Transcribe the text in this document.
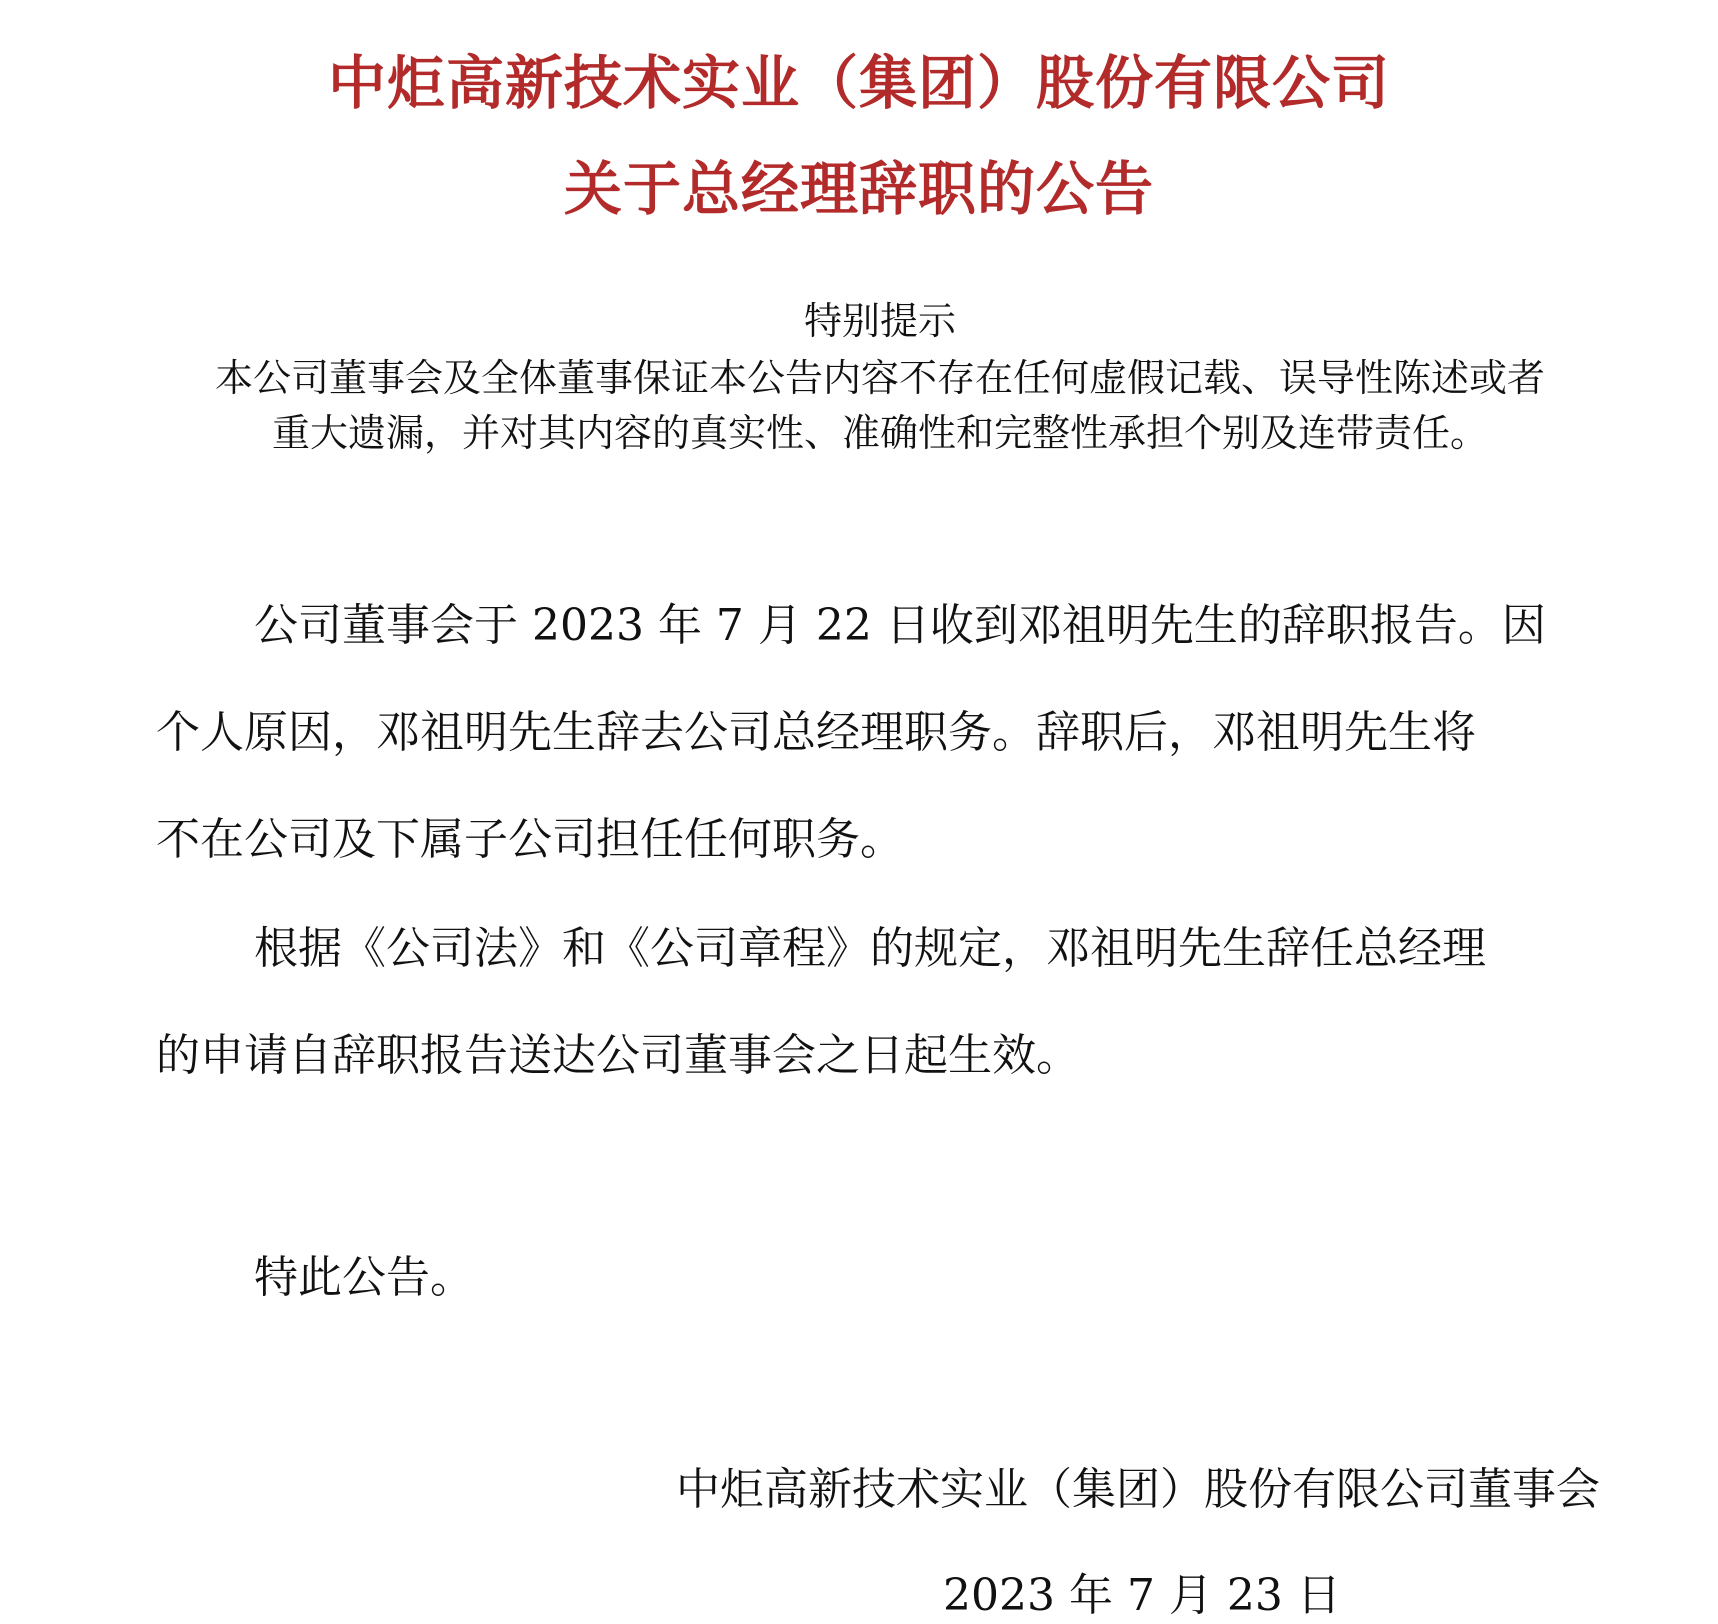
中炬高新技术实业（集团）股份有限公司
关于总经理辞职的公告
特别提示
本公司董事会及全体董事保证本公告内容不存在任何虚假记载、误导性陈述或者
重大遗漏，并对其内容的真实性、准确性和完整性承担个别及连带责任。
公司董事会于 2023 年 7 月 22 日收到邓祖明先生的辞职报告。因
个人原因，邓祖明先生辞去公司总经理职务。辞职后，邓祖明先生将
不在公司及下属子公司担任任何职务。
根据《公司法》和《公司章程》的规定，邓祖明先生辞任总经理
的申请自辞职报告送达公司董事会之日起生效。
特此公告。
中炬高新技术实业（集团）股份有限公司董事会
2023 年 7 月 23 日
